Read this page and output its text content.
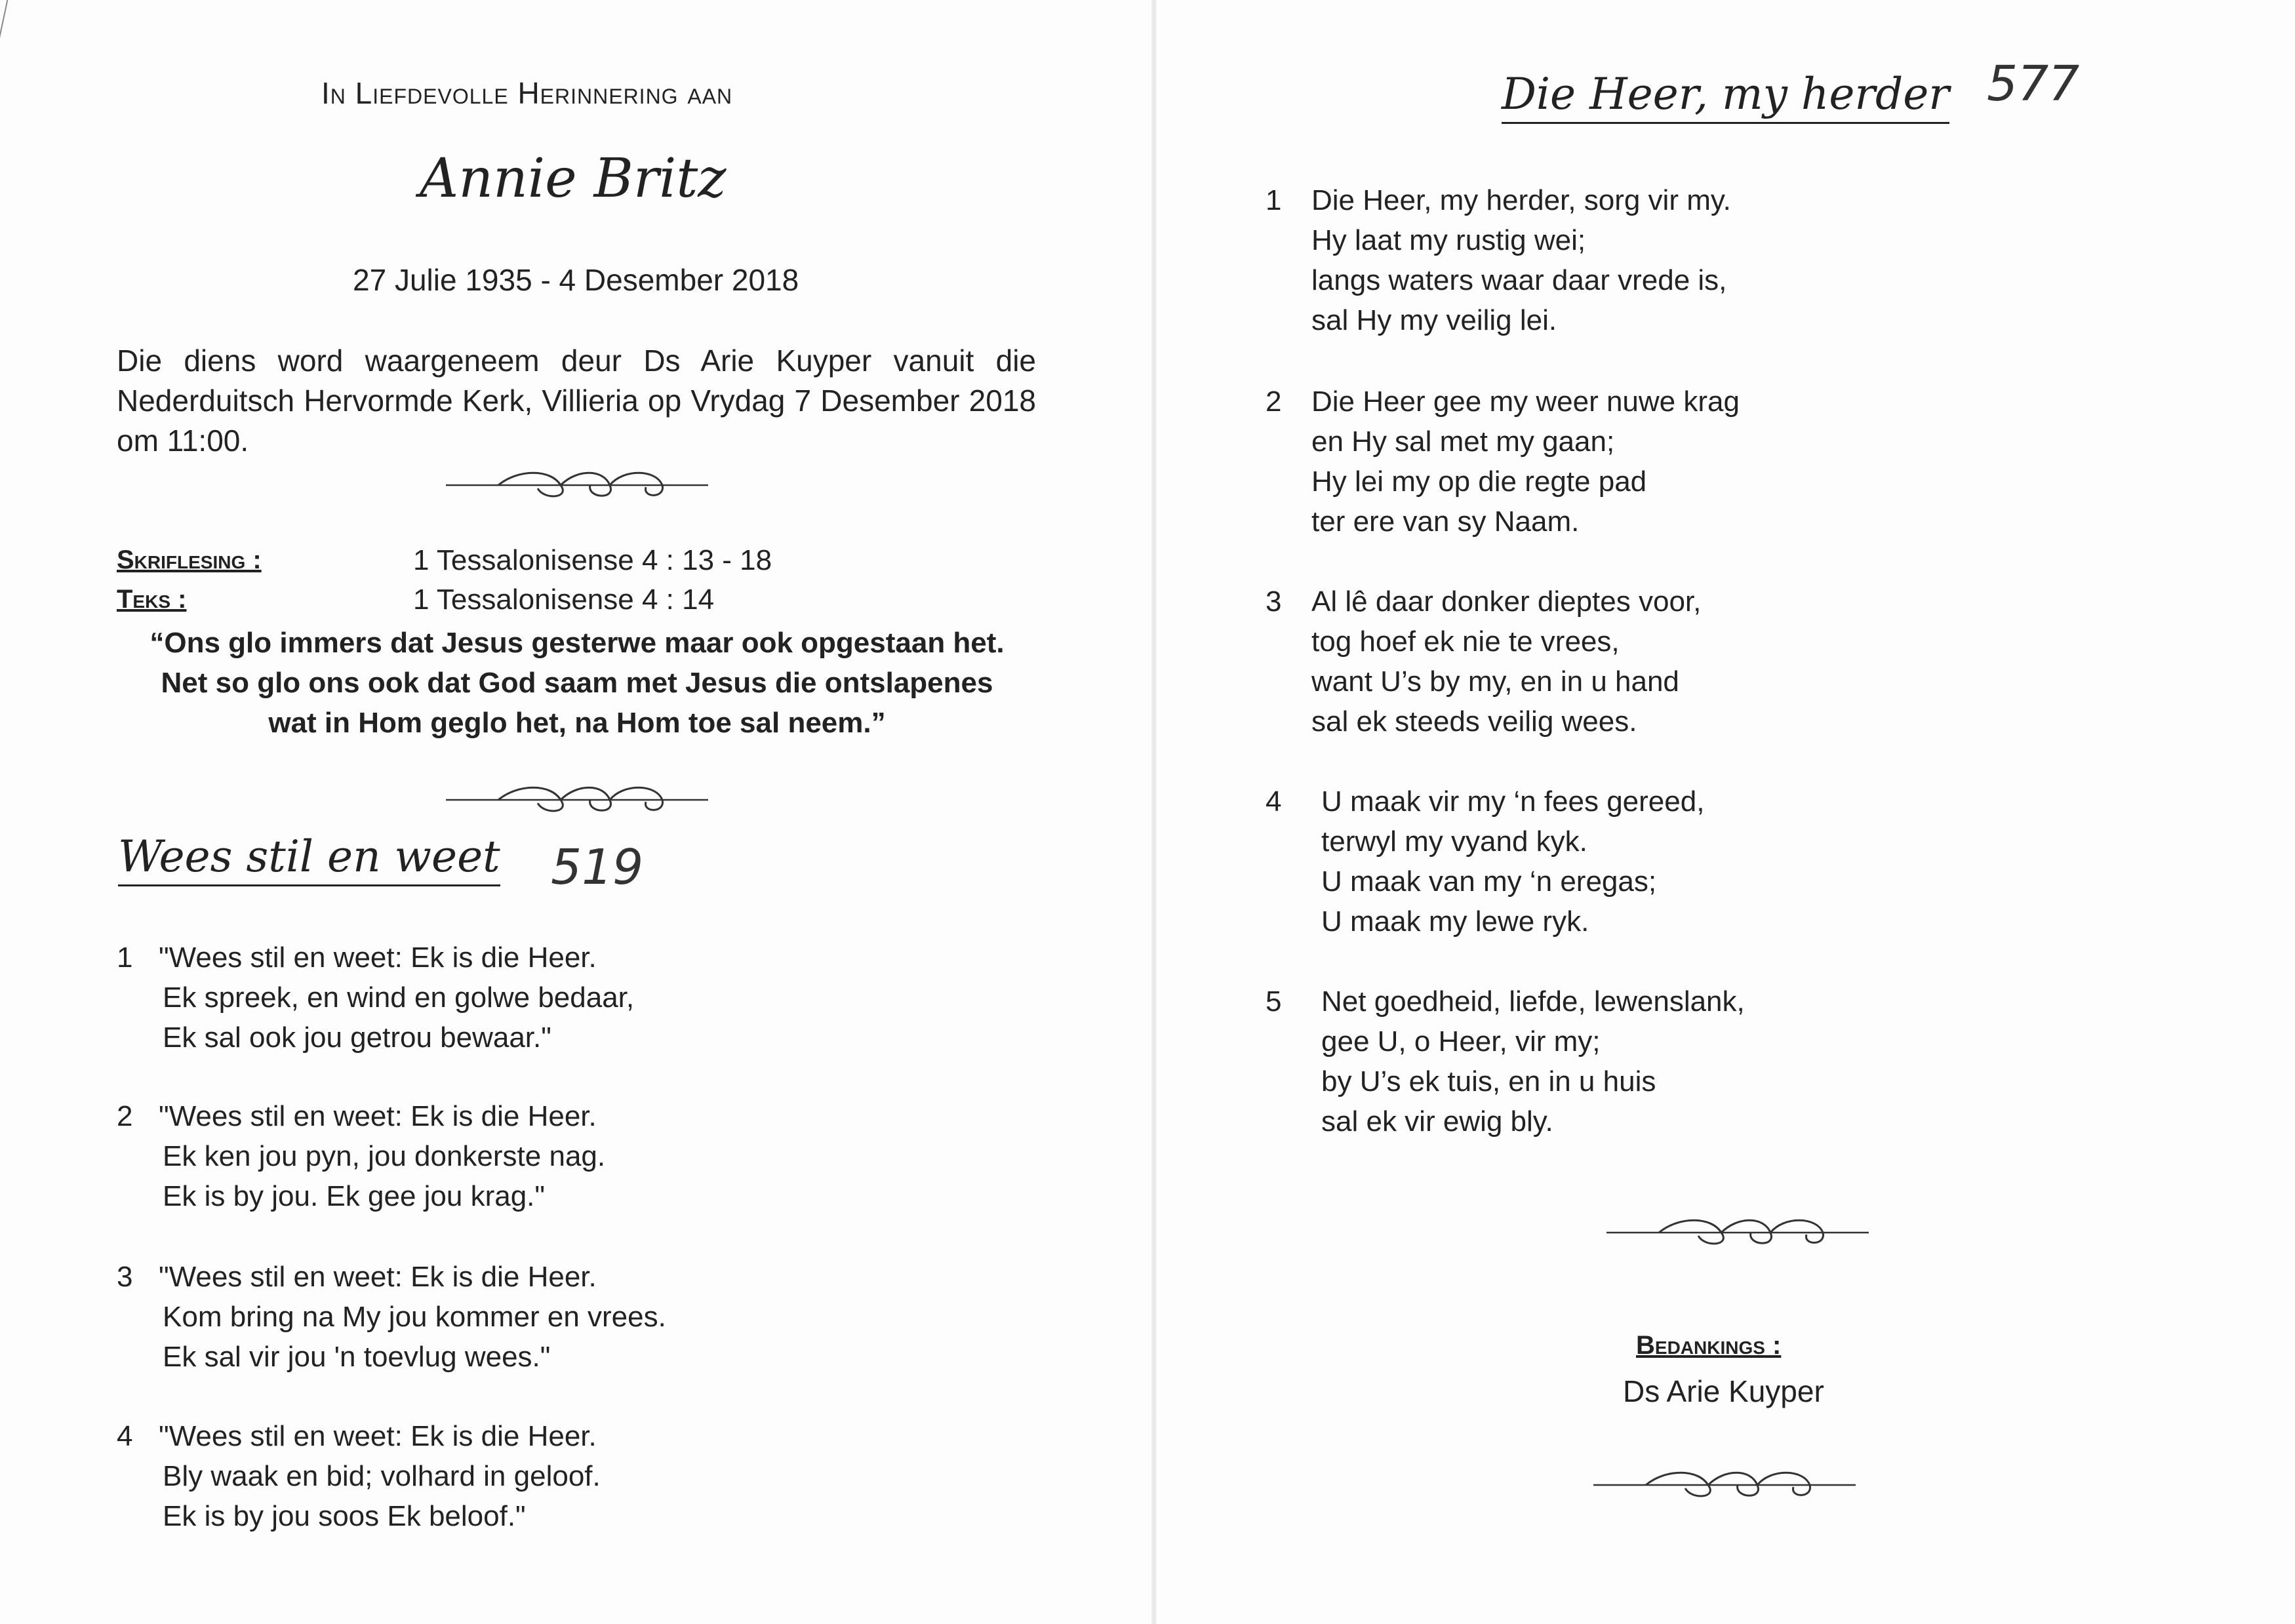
In Liefdevolle Herinnering aan

Annie Britz

27 Julie 1935 - 4 Desember 2018

Die diens word waargeneem deur Ds Arie Kuyper vanuit die Nederduitsch Hervormde Kerk, Villieria op Vrydag 7 Desember 2018 om 11:00.

Skriflesing :	1 Tessalonisense 4 : 13 - 18

Teks :	1 Tessalonisense 4 : 14

“Ons glo immers dat Jesus gesterwe maar ook opgestaan het.
Net so glo ons ook dat God saam met Jesus die ontslapenes
wat in Hom geglo het, na Hom toe sal neem.”

Wees stil en weet 519

1 "Wees stil en weet: Ek is die Heer.
Ek spreek, en wind en golwe bedaar,
Ek sal ook jou getrou bewaar."
2 "Wees stil en weet: Ek is die Heer.
Ek ken jou pyn, jou donkerste nag.
Ek is by jou. Ek gee jou krag."
3 "Wees stil en weet: Ek is die Heer.
Kom bring na My jou kommer en vrees.
Ek sal vir jou 'n toevlug wees."
4 "Wees stil en weet: Ek is die Heer.
Bly waak en bid; volhard in geloof.
Ek is by jou soos Ek beloof."

Die Heer, my herder 577

1 Die Heer, my herder, sorg vir my.
Hy laat my rustig wei;
langs waters waar daar vrede is,
sal Hy my veilig lei.
2 Die Heer gee my weer nuwe krag
en Hy sal met my gaan;
Hy lei my op die regte pad
ter ere van sy Naam.
3 Al lê daar donker dieptes voor,
tog hoef ek nie te vrees,
want U’s by my, en in u hand
sal ek steeds veilig wees.
4 U maak vir my ‘n fees gereed,
terwyl my vyand kyk.
U maak van my ‘n eregas;
U maak my lewe ryk.
5 Net goedheid, liefde, lewenslank,
gee U, o Heer, vir my;
by U’s ek tuis, en in u huis
sal ek vir ewig bly.

Bedankings :

Ds Arie Kuyper
